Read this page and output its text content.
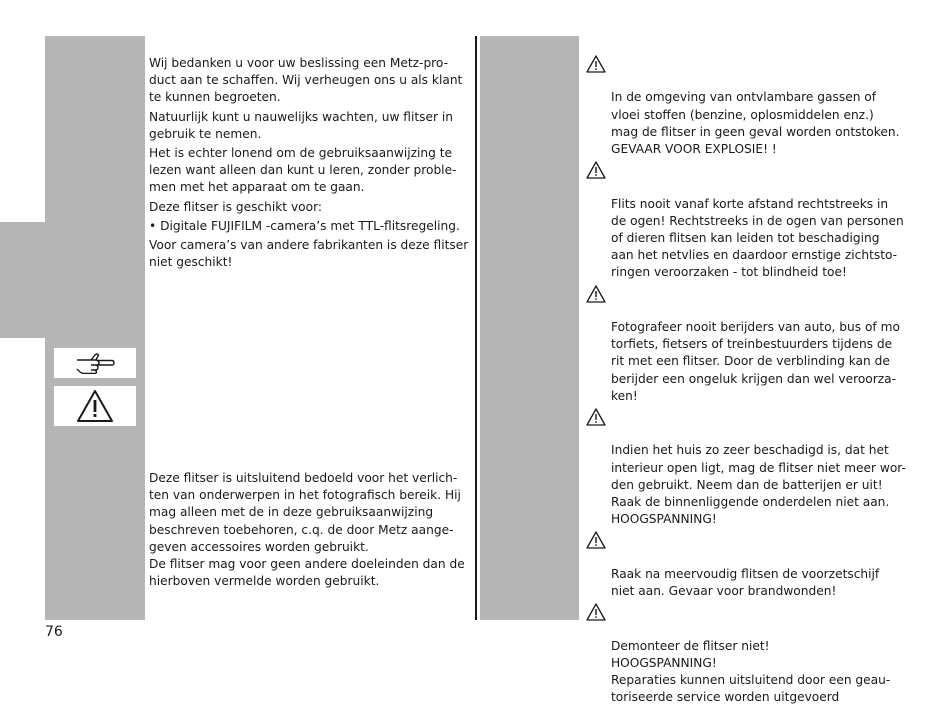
Wij bedanken u voor uw beslissing een Metz-pro-
duct aan te schaffen. Wij verheugen ons u als klant
te kunnen begroeten.

Natuurlijk kunt u nauwelijks wachten, uw flitser in
gebruik te nemen.

Het is echter lonend om de gebruiksaanwijzing te
lezen want alleen dan kunt u leren, zonder proble-
men met het apparaat om te gaan.

Deze flitser is geschikt voor:

• Digitale FUJIFILM -camera’s met TTL-flitsregeling.

Voor camera’s van andere fabrikanten is deze flitser
niet geschikt!

Deze flitser is uitsluitend bedoeld voor het verlich-
ten van onderwerpen in het fotografisch bereik. Hij
mag alleen met de in deze gebruiksaanwijzing
beschreven toebehoren, c.q. de door Metz aange-
geven accessoires worden gebruikt.

De flitser mag voor geen andere doeleinden dan de
hierboven vermelde worden gebruikt.

In de omgeving van ontvlambare gassen of
vloei stoffen (benzine, oplosmiddelen enz.)
mag de flitser in geen geval worden ontstoken.
GEVAAR VOOR EXPLOSIE! !

Flits nooit vanaf korte afstand rechtstreeks in
de ogen! Rechtstreeks in de ogen van personen
of dieren flitsen kan leiden tot beschadiging
aan het netvlies en daardoor ernstige zichtsto-
ringen veroorzaken - tot blindheid toe!

Fotografeer nooit berijders van auto, bus of mo
torfiets, fietsers of treinbestuurders tijdens de
rit met een flitser. Door de verblinding kan de
berijder een ongeluk krijgen dan wel veroorza-
ken!

Indien het huis zo zeer beschadigd is, dat het
interieur open ligt, mag de flitser niet meer wor-
den gebruikt. Neem dan de batterijen er uit!
Raak de binnenliggende onderdelen niet aan.
HOOGSPANNING!

Raak na meervoudig flitsen de voorzetschijf
niet aan. Gevaar voor brandwonden!

Demonteer de flitser niet!
HOOGSPANNING!
Reparaties kunnen uitsluitend door een geau-
toriseerde service worden uitgevoerd

76
